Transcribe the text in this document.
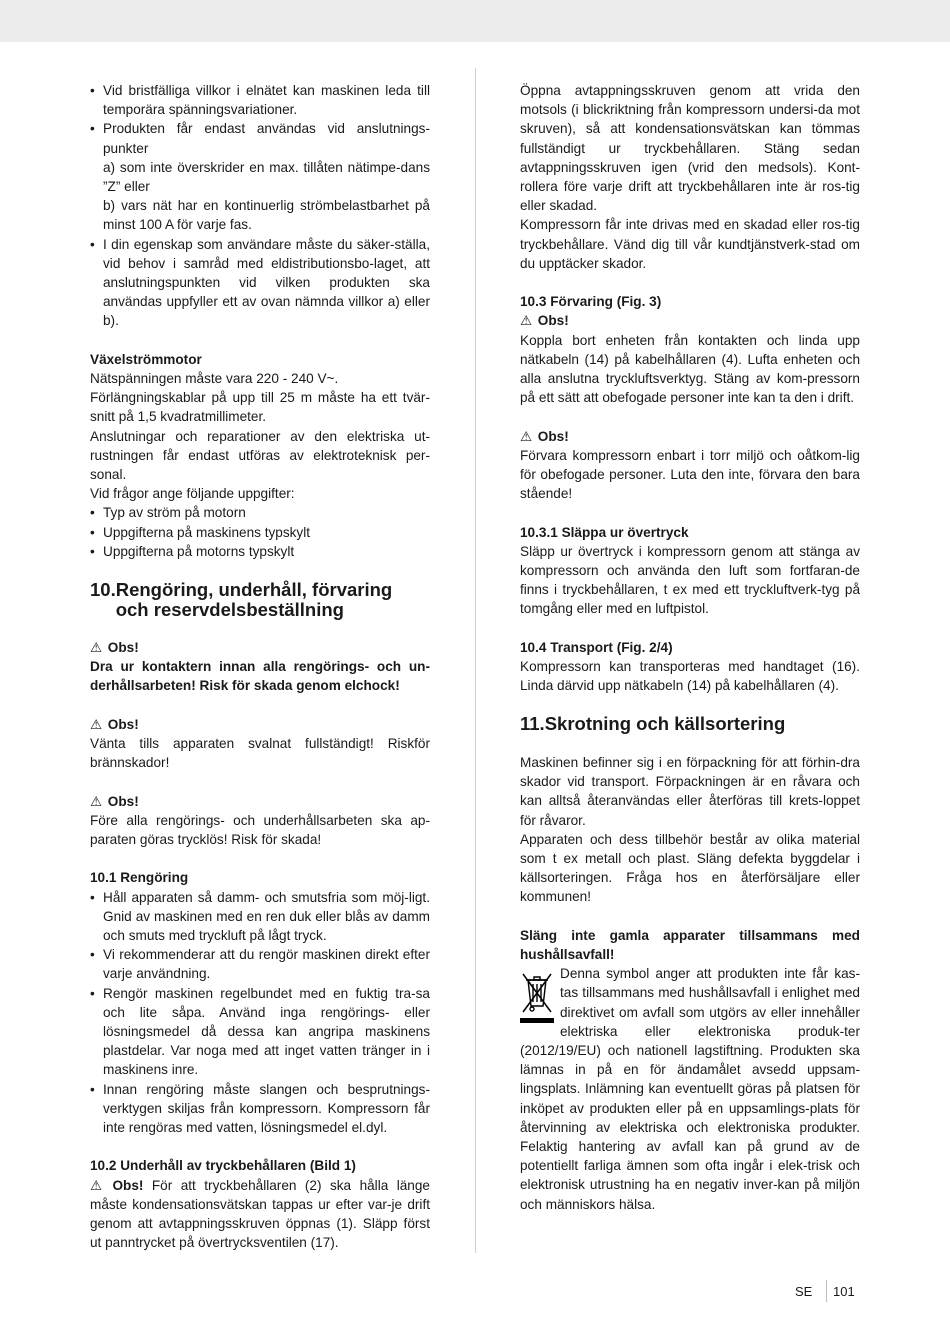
• Vid bristfälliga villkor i elnätet kan maskinen leda till temporära spänningsvariationer.
• Produkten får endast användas vid anslutnings-punkter
a) som inte överskrider en max. tillåten nätimpe-dans ”Z” eller
b) vars nät har en kontinuerlig strömbelastbarhet på minst 100 A för varje fas.
• I din egenskap som användare måste du säker-ställa, vid behov i samråd med eldistributionsbo-laget, att anslutningspunkten vid vilken produkten ska användas uppfyller ett av ovan nämnda villkor a) eller b).

Växelströmmotor

Nätspänningen måste vara 220 - 240 V~.

Förlängningskablar på upp till 25 m måste ha ett tvär-snitt på 1,5 kvadratmillimeter.

Anslutningar och reparationer av den elektriska ut-rustningen får endast utföras av elektroteknisk per-sonal.

Vid frågor ange följande uppgifter:

• Typ av ström på motorn
• Uppgifterna på maskinens typskylt
• Uppgifterna på motorns typskylt
10. Rengöring, underhåll, förvaring och reservdelsbeställning

⚠ Obs!

Dra ur kontaktern innan alla rengörings- och un-derhållsarbeten! Risk för skada genom elchock!

⚠ Obs!

Vänta tills apparaten svalnat fullständigt! Riskför brännskador!

⚠ Obs!

Före alla rengörings- och underhållsarbeten ska ap-paraten göras trycklös! Risk för skada!

10.1 Rengöring

• Håll apparaten så damm- och smutsfria som möj-ligt. Gnid av maskinen med en ren duk eller blås av damm och smuts med tryckluft på lågt tryck.
• Vi rekommenderar att du rengör maskinen direkt efter varje användning.
• Rengör maskinen regelbundet med en fuktig tra-sa och lite såpa. Använd inga rengörings- eller lösningsmedel då dessa kan angripa maskinens plastdelar. Var noga med att inget vatten tränger in i maskinens inre.
• Innan rengöring måste slangen och besprutnings-verktygen skiljas från kompressorn. Kompressorn får inte rengöras med vatten, lösningsmedel el.dyl.

10.2 Underhåll av tryckbehållaren (Bild 1)

⚠ Obs! För att tryckbehållaren (2) ska hålla länge måste kondensationsvätskan tappas ur efter var-je drift genom att avtappningsskruven öppnas (1). Släpp först ut panntrycket på övertrycksventilen (17).

Öppna avtappningsskruven genom att vrida den motsols (i blickriktning från kompressorn undersi-da mot skruven), så att kondensationsvätskan kan tömmas fullständigt ur tryckbehållaren. Stäng sedan avtappningsskruven igen (vrid den medsols). Kont-rollera före varje drift att tryckbehållaren inte är ros-tig eller skadad.

Kompressorn får inte drivas med en skadad eller ros-tig tryckbehållare. Vänd dig till vår kundtjänstverk-stad om du upptäcker skador.

10.3 Förvaring (Fig. 3)

⚠ Obs!

Koppla bort enheten från kontakten och linda upp nätkabeln (14) på kabelhållaren (4). Lufta enheten och alla anslutna tryckluftsverktyg. Stäng av kom-pressorn på ett sätt att obefogade personer inte kan ta den i drift.

⚠ Obs!

Förvara kompressorn enbart i torr miljö och oåtkom-lig för obefogade personer. Luta den inte, förvara den bara stående!

10.3.1 Släppa ur övertryck

Släpp ur övertryck i kompressorn genom att stänga av kompressorn och använda den luft som fortfaran-de finns i tryckbehållaren, t ex med ett tryckluftverk-tyg på tomgång eller med en luftpistol.

10.4 Transport (Fig. 2/4)

Kompressorn kan transporteras med handtaget (16). Linda därvid upp nätkabeln (14) på kabelhållaren (4).

11. Skrotning och källsortering

Maskinen befinner sig i en förpackning för att förhin-dra skador vid transport. Förpackningen är en råvara och kan alltså återanvändas eller återföras till krets-loppet för råvaror.

Apparaten och dess tillbehör består av olika material som t ex metall och plast. Släng defekta byggdelar i källsorteringen. Fråga hos en återförsäljare eller kommunen!

Släng inte gamla apparater tillsammans med hushållsavfall!

Denna symbol anger att produkten inte får kas-tas tillsammans med hushållsavfall i enlighet med direktivet om avfall som utgörs av eller innehåller elektriska eller elektroniska produk-ter (2012/19/EU) och nationell lagstiftning. Produkten ska lämnas in på en för ändamålet avsedd uppsam-lingsplats. Inlämning kan eventuellt göras på platsen för inköpet av produkten eller på en uppsamlings-plats för återvinning av elektriska och elektroniska produkter. Felaktig hantering av avfall kan på grund av de potentiellt farliga ämnen som ofta ingår i elek-trisk och elektronisk utrustning ha en negativ inver-kan på miljön och människors hälsa.

SE 101
